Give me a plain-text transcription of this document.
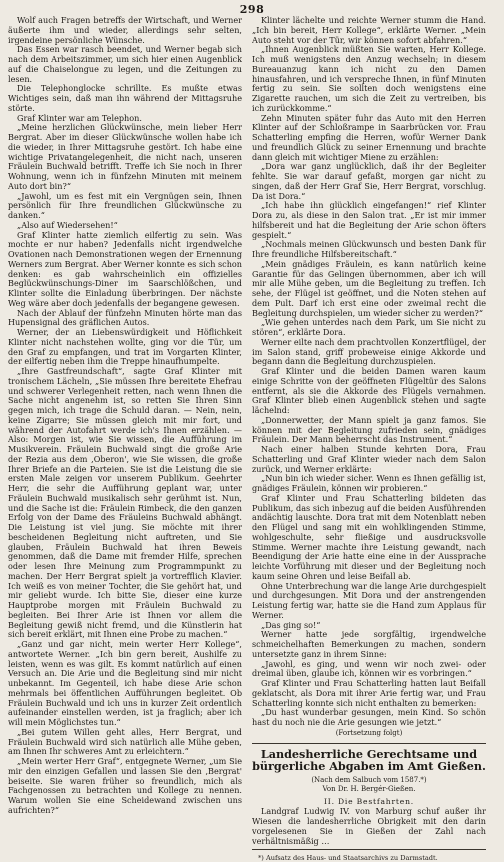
298

Wolf auch Fragen betreffs der Wirtschaft, und Werner äußerte ihm und wieder, allerdings sehr selten, irgendeine persönliche Wünsche.

Das Essen war rasch beendet, und Werner begab sich nach dem Arbeitszimmer, um sich hier einen Augenblick auf die Chaiselongue zu legen, und die Zeitungen zu lesen.

Die Telephonglocke schrillte. Es mußte etwas Wichtiges sein, daß man ihn während der Mittagsruhe störte.

Graf Klinter war am Telephon.

„Meine herzlichen Glückwünsche, mein lieber Herr Bergrat. Aber im dieser Glückwünsche wollen habe ich die wieder, in Ihrer Mittagsruhe gestört. Ich habe eine wichtige Privatangelegenheit, die nicht nach, unseren Fräulein Buchwald betrifft. Treffe ich Sie noch in Ihrer Wohnung, wenn ich in fünfzehn Minuten mit meinem Auto dort bin?“

„Jawohl, um es fest mit ein Vergnügen sein, Ihnen persönlich für Ihre freundlichen Glückwünsche zu danken.“

„Also auf Wiedersehen!“

Graf Klinter hatte ziemlich eilfertig zu sein. Was mochte er nur haben? Jedenfalls nicht irgendwelche Ovationen nach Demonstrationen wegen der Ernennung Werners zum Bergrat. Aber Werner konnte es sich schon denken: es gab wahrscheinlich ein offizielles Beglückwünschungs-Diner im Saarschlößchen, und Klinter sollte die Einladung überbringen. Der nächste Weg wäre aber doch jedenfalls der begangene gewesen.

Nach der Ablauf der fünfzehn Minuten hörte man das Hupensignal des gräflichen Autos.

Werner, der an Liebenswürdigkeit und Höflichkeit Klinter nicht nachstehen wollte, ging vor die Tür, um den Graf zu empfangen, und trat im Vorgarten Klinter, der eilfertig neben ihm die Treppe hinaufhumpelte.

„Ihre Gastfreundschaft“, sagte Graf Klinter mit tronischem Lächeln, „Sie müssen Ihre bereitete Ehefrau und schwerer Verlegenheit retten, nach wenn Ihnen die Sache nicht angenehm ist, so retten Sie Ihren Sinn gegen mich, ich trage die Schuld daran. — Nein, nein, keine Zigarre; Sie müssen gleich mit mir fort, und während der Autofahrt werde ich's Ihnen erzählen. — Also: Morgen ist, wie Sie wissen, die Aufführung im Musikverein. Fräulein Buchwald singt die große Arie der Rezia aus dem ,Oberon', wie Sie wissen, die große Ihrer Briefe an die Parteien. Sie ist die Leistung die sie ersten Male zeigen vor unserem Publikum. Geehrter Herr, die sehr die Aufführung geplant war, unter Fräulein Buchwald musikalisch sehr gerühmt ist. Nun, und die Sache ist die: Fräulein Rimbeck, die den ganzen Erfolg von der Dame des Fräuleins Buchwald abhängt. Die Leistung ist viel jung. Sie möchte mit ihrer bescheidenen Begleitung nicht auftreten, und Sie glauben, Fräulein Buchwald hat ihren Beweis genommen, daß die Dame mit fremder Hilfe, sprechen oder lesen Ihre Meinung zum Programmpunkt zu machen. Der Herr Bergrat spielt ja vortrefflich Klavier. Ich weiß es von meiner Tochter, die Sie gehört hat, und mir geliebt wurde. Ich bitte Sie, dieser eine kurze Hauptprobe morgen mit Fräulein Buchwald zu begleiten. Bei Ihrer Arie ist Ihnen vor allem die Begleitung gewiß nicht fremd, und die Künstlerin hat sich bereit erklärt, mit Ihnen eine Probe zu machen.“

„Ganz und gar nicht, mein werter Herr Kollege“, antwortete Werner. „Ich bin gern bereit, Aushilfe zu leisten, wenn es was gilt. Es kommt natürlich auf einen Versuch an. Die Arie und die Begleitung sind mir nicht unbekannt. Im Gegenteil, ich habe diese Arie schon mehrmals bei öffentlichen Aufführungen begleitet. Ob Fräulein Buchwald und ich uns in kurzer Zeit ordentlich aufeinander einstellen werden, ist ja fraglich; aber ich will mein Möglichstes tun.“

„Bei gutem Willen geht alles, Herr Bergrat, und Fräulein Buchwald wird sich natürlich alle Mühe geben, am Ihnen Ihr schweres Amt zu erleichtern.“

„Mein werter Herr Graf“, entgegnete Werner, „um Sie mir den einzigen Gefallen und lassen Sie den ,Bergrat' beiseite. Sie waren früher so freundlich, mich als Fachgenossen zu betrachten und Kollege zu nennen. Warum wollen Sie eine Scheidewand zwischen uns aufrichten?“

Klinter lächelte und reichte Werner stumm die Hand. „Ich bin bereit, Herr Kollege“, erklärte Werner. „Mein Auto steht vor der Tür, wir können sofort abfahren.“

„Ihnen Augenblick müßten Sie warten, Herr Kollege. Ich muß wenigstens den Anzug wechseln; in diesem Bureauanzug kann ich nicht zu den Damen hinausfahren, und ich verspreche Ihnen, in fünf Minuten fertig zu sein. Sie sollten doch wenigstens eine Zigarette rauchen, um sich die Zeit zu vertreiben, bis ich zurückkomme.“

Zehn Minuten später fuhr das Auto mit den Herren Klinter auf der Schloßrampe in Saarbrücken vor. Frau Schatterling empfing die Herren, wofür Werner Dank und freundlich Glück zu seiner Ernennung und brachte dann gleich mit wichtiger Miene zu erzählen:

„Dora war ganz unglücklich, daß ihr der Begleiter fehlte. Sie war darauf gefaßt, morgen gar nicht zu singen, daß der Herr Graf Sie, Herr Bergrat, vorschlug. Da ist Dora.“

„Ich habe ihn glücklich eingefangen!“ rief Klinter Dora zu, als diese in den Salon trat. „Er ist mir immer hilfsbereit und hat die Begleitung der Arie schon öfters gespielt.“

„Nochmals meinen Glückwunsch und besten Dank für Ihre freundliche Hilfsbereitschaft.“

„Mein gnädiges Fräulein, es kann natürlich keine Garantie für das Gelingen übernommen, aber ich will mir alle Mühe geben, um die Begleitung zu treffen. Ich sehe, der Flügel ist geöffnet, und die Noten stehen auf dem Pult. Darf ich erst eine oder zweimal recht die Begleitung durchspielen, um wieder sicher zu werden?“

„Wie gehen unterdes nach dem Park, um Sie nicht zu stören“, erklärte Dora.

Werner eilte nach dem prachtvollen Konzertflügel, der im Salon stand, griff probeweise einige Akkorde und begann dann die Begleitung durchzuspielen.

Graf Klinter und die beiden Damen waren kaum einige Schritte von der geöffneten Flügeltür des Salons entfernt, als sie die Akkorde des Flügels vernahmen. Graf Klinter blieb einen Augenblick stehen und sagte lächelnd:

„Donnerwetter, der Mann spielt ja ganz famos. Sie können mit der Begleitung zufrieden sein, gnädiges Fräulein. Der Mann beherrscht das Instrument.“

Nach einer halben Stunde kehrten Dora, Frau Schatterling und Graf Klinter wieder nach dem Salon zurück, und Werner erklärte:

„Nun bin ich wieder sicher. Wenn es Ihnen gefällig ist, gnädiges Fräulein, können wir probieren.“

Graf Klinter und Frau Schatterling bildeten das Publikum, das sich inbezug auf die beiden Ausführenden andächtig lauschte. Dora trat mit dem Notenblatt neben den Flügel und sang mit ein wohlklingenden Stimme, wohlgeschulte, sehr fließige und ausdrucksvolle Stimme. Werner machte ihre Leistung gewandt, nach Beendigung der Arie hatte eine eine in der Aussprache leichte Vorführung mit dieser und der Begleitung noch kaum seine Ohren und leise Beifall ab.

Ohne Unterbrechung war die lange Arie durchgespielt und durchgesungen. Mit Dora und der anstrengenden Leistung fertig war, hatte sie die Hand zum Applaus für Werner.

„Das ging so!“

Werner hatte jede sorgfältig, irgendwelche schmeichelhaften Bemerkungen zu machen, sondern untersetzte ganz in ihrem Sinne:

„Jawohl, es ging, und wenn wir noch zwei- oder dreimal üben, glaube ich, können wir es vorbringen.“

Graf Klinter und Frau Schatterling hatten laut Beifall geklatscht, als Dora mit ihrer Arie fertig war, und Frau Schatterling konnte sich nicht enthalten zu bemerken:

„Du hast wunderbar gesungen, mein Kind. So schön hast du noch nie die Arie gesungen wie jetzt.“

(Fortsetzung folgt)
Landesherrliche Gerechtsame und bürgerliche Abgaben im Amt Gießen.
(Nach dem Salbuch vom 1587.*)
Von Dr. H. Bergér-Gießen.
II. Die Bestfahrten.

Landgraf Ludwig IV. von Marburg schuf außer ihr Wiesen die landesherrliche Obrigkeit mit den darin vorgelesenen Sie in Gießen der Zahl nach verhältnismäßig …

*) Aufsatz des Haus- und Staatsarchivs zu Darmstadt.
